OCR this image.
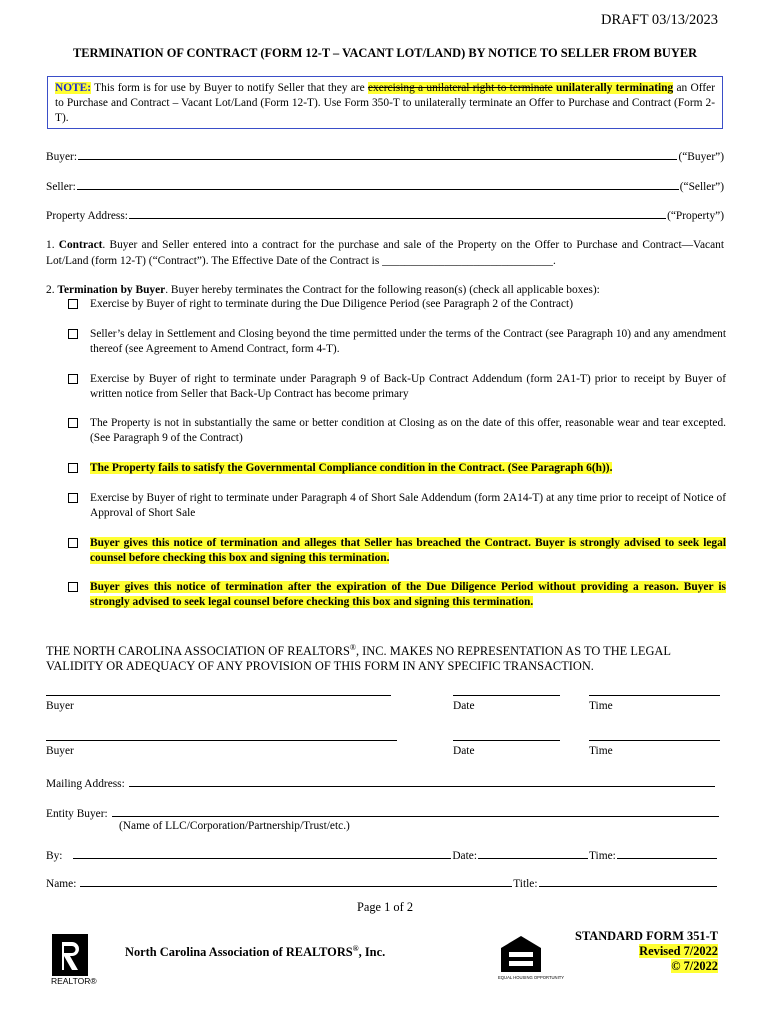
DRAFT 03/13/2023
TERMINATION OF CONTRACT (FORM 12-T – VACANT LOT/LAND) BY NOTICE TO SELLER FROM BUYER
NOTE: This form is for use by Buyer to notify Seller that they are exercising a unilateral right to terminate unilaterally terminating an Offer to Purchase and Contract – Vacant Lot/Land (Form 12-T). Use Form 350-T to unilaterally terminate an Offer to Purchase and Contract (Form 2-T).
Buyer:	(“Buyer”)
Seller:	(“Seller”)
Property Address:	(“Property”)
1. Contract. Buyer and Seller entered into a contract for the purchase and sale of the Property on the Offer to Purchase and Contract—Vacant Lot/Land (form 12-T) (“Contract”). The Effective Date of the Contract is ______________________________.
2. Termination by Buyer. Buyer hereby terminates the Contract for the following reason(s) (check all applicable boxes):
Exercise by Buyer of right to terminate during the Due Diligence Period (see Paragraph 2 of the Contract)
Seller’s delay in Settlement and Closing beyond the time permitted under the terms of the Contract (see Paragraph 10) and any amendment thereof (see Agreement to Amend Contract, form 4-T).
Exercise by Buyer of right to terminate under Paragraph 9 of Back-Up Contract Addendum (form 2A1-T) prior to receipt by Buyer of written notice from Seller that Back-Up Contract has become primary
The Property is not in substantially the same or better condition at Closing as on the date of this offer, reasonable wear and tear excepted. (See Paragraph 9 of the Contract)
The Property fails to satisfy the Governmental Compliance condition in the Contract. (See Paragraph 6(h)).
Exercise by Buyer of right to terminate under Paragraph 4 of Short Sale Addendum (form 2A14-T) at any time prior to receipt of Notice of Approval of Short Sale
Buyer gives this notice of termination and alleges that Seller has breached the Contract. Buyer is strongly advised to seek legal counsel before checking this box and signing this termination.
Buyer gives this notice of termination after the expiration of the Due Diligence Period without providing a reason. Buyer is strongly advised to seek legal counsel before checking this box and signing this termination.
THE NORTH CAROLINA ASSOCIATION OF REALTORS®, INC. MAKES NO REPRESENTATION AS TO THE LEGAL VALIDITY OR ADEQUACY OF ANY PROVISION OF THIS FORM IN ANY SPECIFIC TRANSACTION.
Buyer	Date	Time
Buyer	Date	Time
Mailing Address:
Entity Buyer:
(Name of LLC/Corporation/Partnership/Trust/etc.)
By:	Date:	Time:
Name:	Title:
Page 1 of 2
REALTOR®
North Carolina Association of REALTORS®, Inc.
EQUAL HOUSING OPPORTUNITY
STANDARD FORM 351-T
Revised 7/2022
© 7/2022
